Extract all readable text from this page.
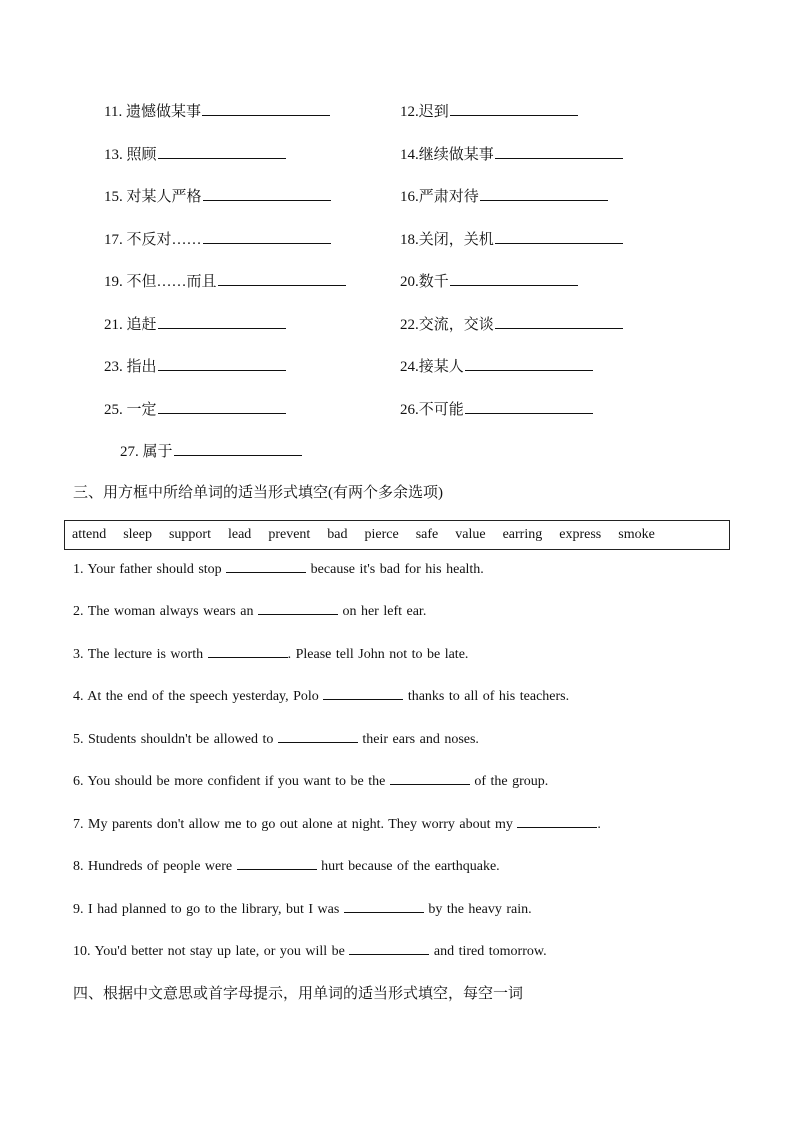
11. 遗憾做某事	12.迟到
13. 照顾	14.继续做某事
15. 对某人严格	16.严肃对待
17. 不反对……	18.关闭，关机
19. 不但……而且	20.数千
21. 追赶	22.交流，交谈
23. 指出	24.接某人
25. 一定	26.不可能
27. 属于
三、用方框中所给单词的适当形式填空(有两个多余选项)
attend sleep support lead prevent bad pierce safe value earring express smoke
1. Your father should stop	because it's bad for his health.
2. The woman always wears an	on her left ear.
3. The lecture is worth	. Please tell John not to be late.
4. At the end of the speech yesterday, Polo	thanks to all of his teachers.
5. Students shouldn't be allowed to	their ears and noses.
6. You should be more confident if you want to be the	of the group.
7. My parents don't allow me to go out alone at night. They worry about my	.
8. Hundreds of people were	hurt because of the earthquake.
9. I had planned to go to the library, but I was	by the heavy rain.
10. You'd better not stay up late, or you will be	and tired tomorrow.
四、根据中文意思或首字母提示，用单词的适当形式填空，每空一词
